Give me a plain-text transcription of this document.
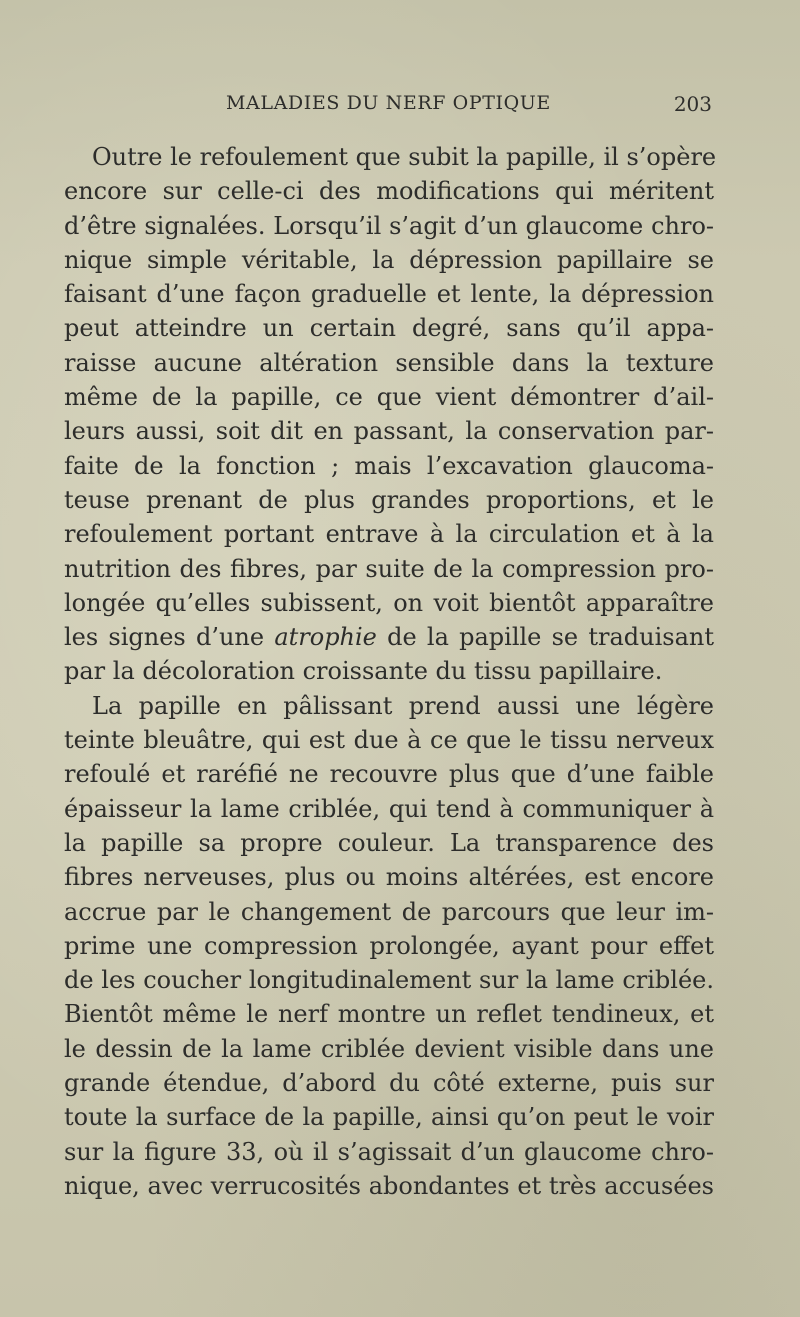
MALADIES DU NERF OPTIQUE	203
Outre le refoulement que subit la papille, il s’opère
encore sur celle-ci des modifications qui méritent
d’être signalées. Lorsqu’il s’agit d’un glaucome chro-
nique simple véritable, la dépression papillaire se
faisant d’une façon graduelle et lente, la dépression
peut atteindre un certain degré, sans qu’il appa-
raisse aucune altération sensible dans la texture
même de la papille, ce que vient démontrer d’ail-
leurs aussi, soit dit en passant, la conservation par-
faite de la fonction ; mais l’excavation glaucoma-
teuse prenant de plus grandes proportions, et le
refoulement portant entrave à la circulation et à la
nutrition des fibres, par suite de la compression pro-
longée qu’elles subissent, on voit bientôt apparaître
les signes d’une atrophie de la papille se traduisant
par la décoloration croissante du tissu papillaire.
La papille en pâlissant prend aussi une légère
teinte bleuâtre, qui est due à ce que le tissu nerveux
refoulé et raréfié ne recouvre plus que d’une faible
épaisseur la lame criblée, qui tend à communiquer à
la papille sa propre couleur. La transparence des
fibres nerveuses, plus ou moins altérées, est encore
accrue par le changement de parcours que leur im-
prime une compression prolongée, ayant pour effet
de les coucher longitudinalement sur la lame criblée.
Bientôt même le nerf montre un reflet tendineux, et
le dessin de la lame criblée devient visible dans une
grande étendue, d’abord du côté externe, puis sur
toute la surface de la papille, ainsi qu’on peut le voir
sur la figure 33, où il s’agissait d’un glaucome chro-
nique, avec verrucosités abondantes et très accusées
